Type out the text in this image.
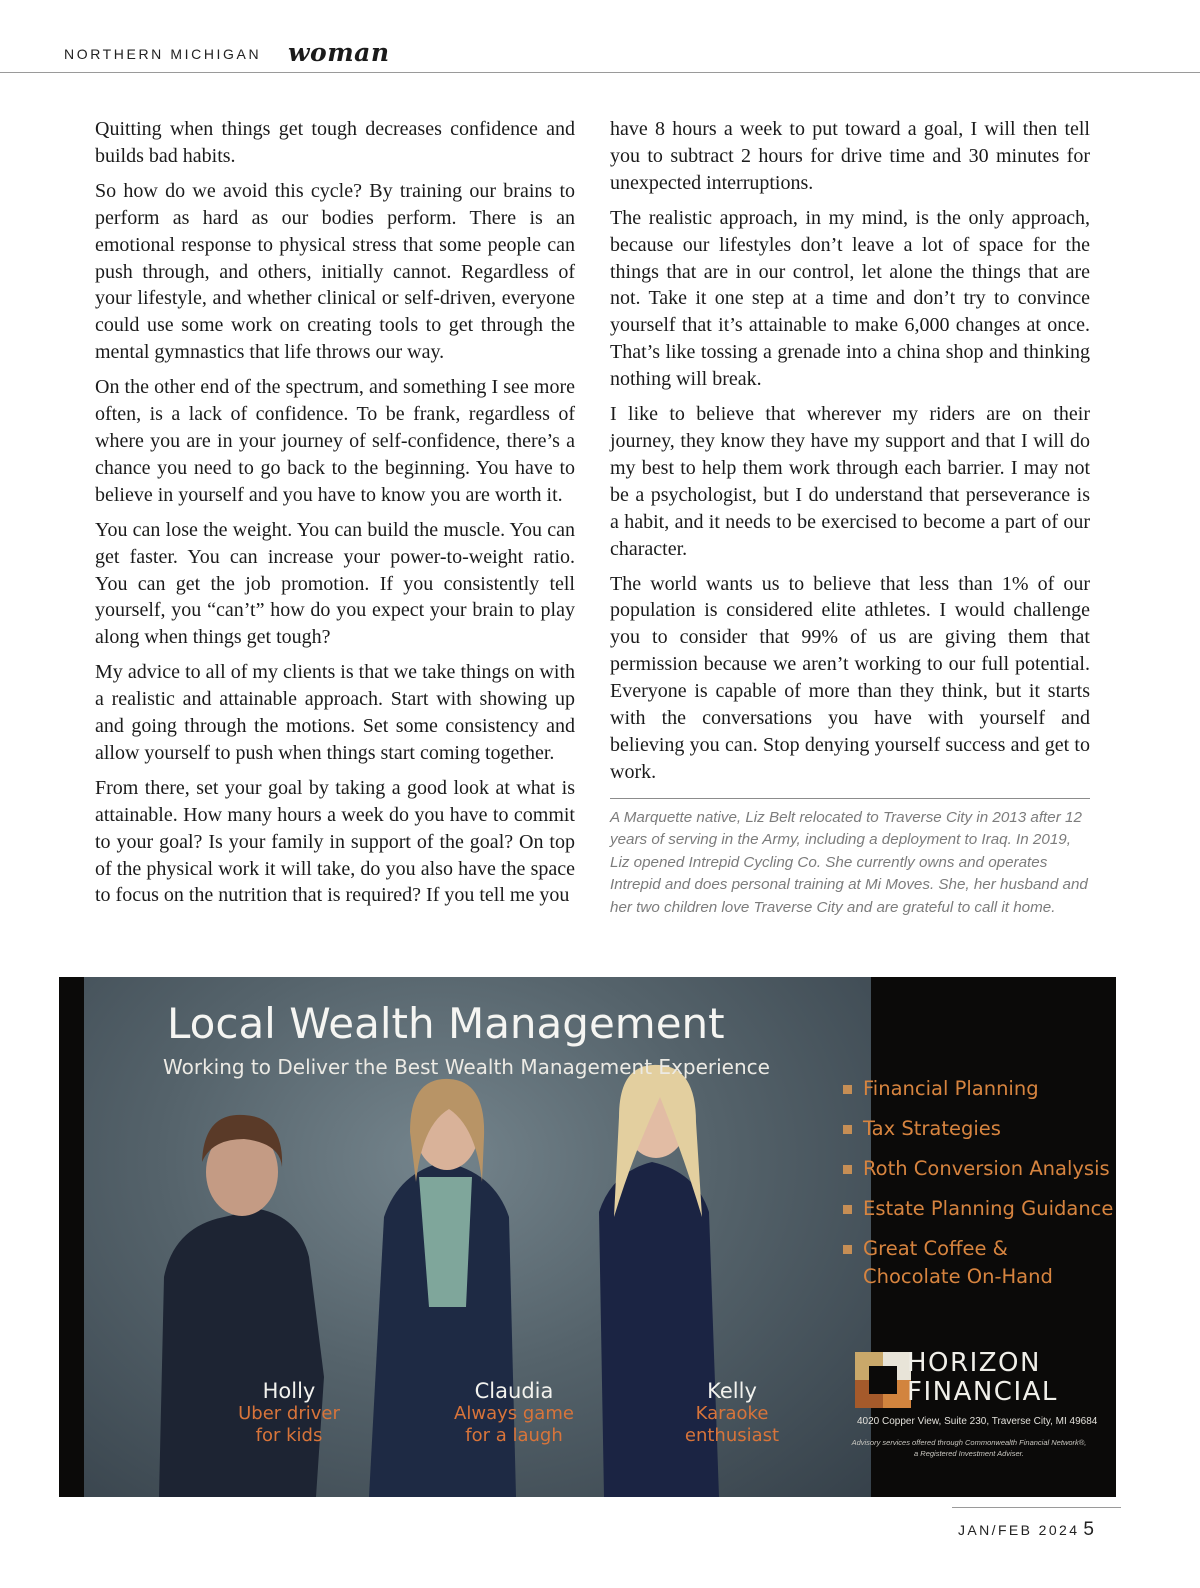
NORTHERN MICHIGAN woman

Quitting when things get tough decreases confidence and builds bad habits.

So how do we avoid this cycle? By training our brains to perform as hard as our bodies perform. There is an emotional response to physical stress that some people can push through, and others, initially cannot. Regardless of your lifestyle, and whether clinical or self-driven, everyone could use some work on creating tools to get through the mental gymnastics that life throws our way.

On the other end of the spectrum, and something I see more often, is a lack of confidence. To be frank, regardless of where you are in your journey of self-confidence, there’s a chance you need to go back to the beginning. You have to believe in yourself and you have to know you are worth it.

You can lose the weight. You can build the muscle. You can get faster. You can increase your power-to-weight ratio. You can get the job promotion. If you consistently tell yourself, you “can’t” how do you expect your brain to play along when things get tough?

My advice to all of my clients is that we take things on with a realistic and attainable approach. Start with showing up and going through the motions. Set some consistency and allow yourself to push when things start coming together.

From there, set your goal by taking a good look at what is attainable. How many hours a week do you have to commit to your goal? Is your family in support of the goal? On top of the physical work it will take, do you also have the space to focus on the nutrition that is required? If you tell me you

have 8 hours a week to put toward a goal, I will then tell you to subtract 2 hours for drive time and 30 minutes for unexpected interruptions.

The realistic approach, in my mind, is the only approach, because our lifestyles don’t leave a lot of space for the things that are in our control, let alone the things that are not. Take it one step at a time and don’t try to convince yourself that it’s attainable to make 6,000 changes at once. That’s like tossing a grenade into a china shop and thinking nothing will break.

I like to believe that wherever my riders are on their journey, they know they have my support and that I will do my best to help them work through each barrier. I may not be a psychologist, but I do understand that perseverance is a habit, and it needs to be exercised to become a part of our character.

The world wants us to believe that less than 1% of our population is considered elite athletes. I would challenge you to consider that 99% of us are giving them that permission because we aren’t working to our full potential. Everyone is capable of more than they think, but it starts with the conversations you have with yourself and believing you can. Stop denying yourself success and get to work.

A Marquette native, Liz Belt relocated to Traverse City in 2013 after 12 years of serving in the Army, including a deployment to Iraq. In 2019, Liz opened Intrepid Cycling Co. She currently owns and operates Intrepid and does personal training at Mi Moves. She, her husband and her two children love Traverse City and are grateful to call it home.
Local Wealth Management
Working to Deliver the Best Wealth Management Experience
Holly
Uber driver
for kids
Claudia
Always game
for a laugh
Kelly
Karaoke
enthusiast
Financial Planning
Tax Strategies
Roth Conversion Analysis
Estate Planning Guidance
Great Coffee & Chocolate On-Hand
HORIZON
FINANCIAL
4020 Copper View, Suite 230, Traverse City, MI 49684
Advisory services offered through Commonwealth Financial Network®,
a Registered Investment Adviser.
JAN/FEB 2024 5
